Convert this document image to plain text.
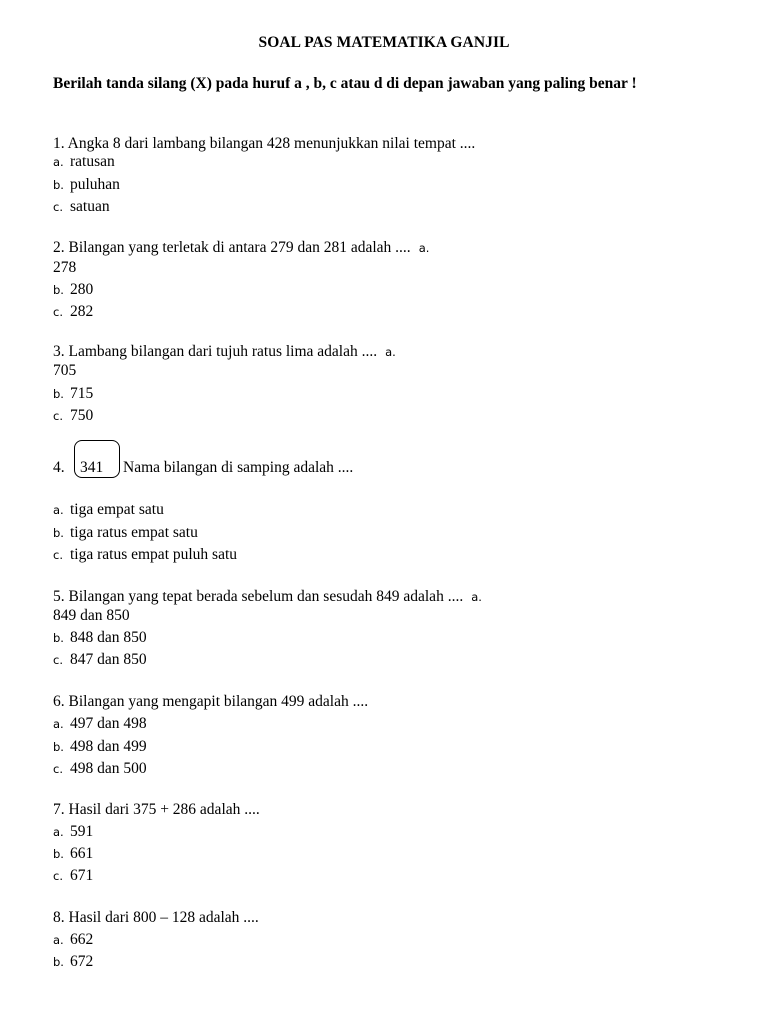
SOAL PAS MATEMATIKA GANJIL
Berilah tanda silang (X) pada huruf a , b, c atau d di depan jawaban yang paling benar !
1. Angka 8 dari lambang bilangan 428 menunjukkan nilai tempat ....
a. ratusan
b. puluhan
c. satuan
2. Bilangan yang terletak di antara 279 dan 281 adalah .... a.
278
b. 280
c. 282
3. Lambang bilangan dari tujuh ratus lima adalah .... a.
705
b. 715
c. 750
4. 341 Nama bilangan di samping adalah ....
a. tiga empat satu
b. tiga ratus empat satu
c. tiga ratus empat puluh satu
5. Bilangan yang tepat berada sebelum dan sesudah 849 adalah .... a.
849 dan 850
b. 848 dan 850
c. 847 dan 850
6. Bilangan yang mengapit bilangan 499 adalah ....
a. 497 dan 498
b. 498 dan 499
c. 498 dan 500
7. Hasil dari 375 + 286 adalah ....
a. 591
b. 661
c. 671
8. Hasil dari 800 – 128 adalah ....
a. 662
b. 672
